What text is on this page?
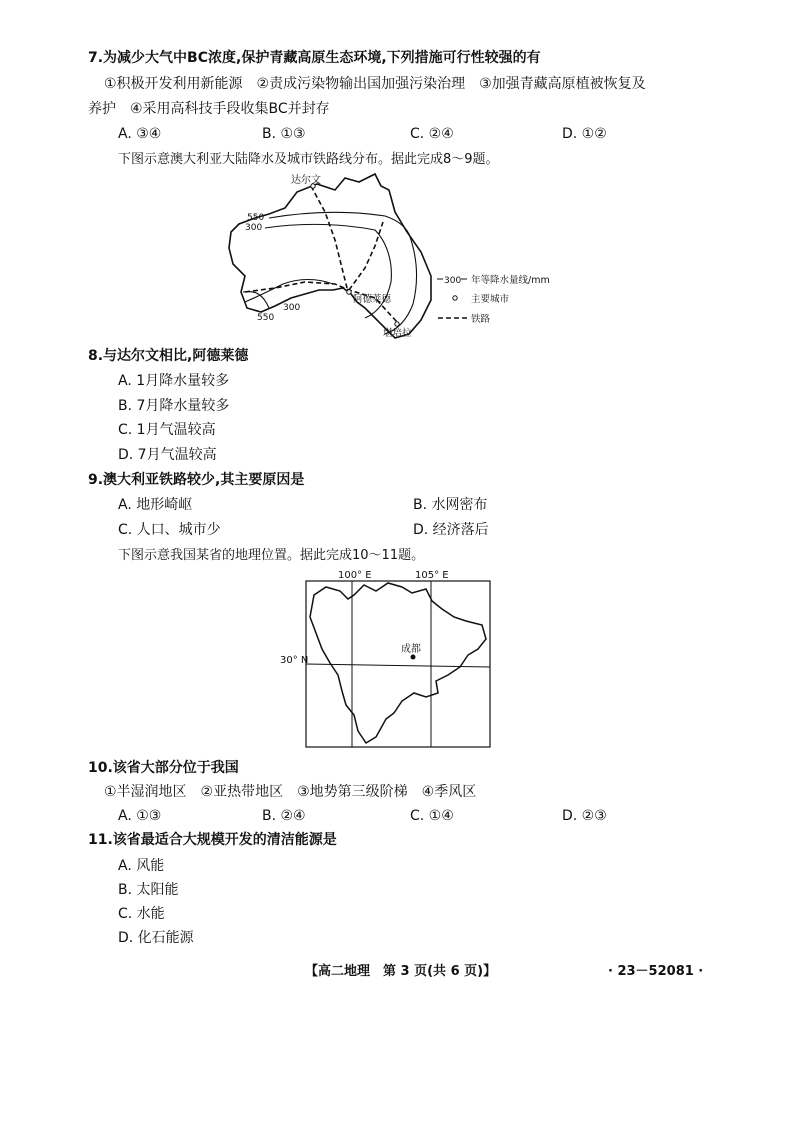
7.为减少大气中BC浓度,保护青藏高原生态环境,下列措施可行性较强的有
①积极开发利用新能源　②责成污染物输出国加强污染治理　③加强青藏高原植被恢复及
养护　④采用高科技手段收集BC并封存
A. ③④	B. ①③	C. ②④	D. ①②
下图示意澳大利亚大陆降水及城市铁路线分布。据此完成8～9题。
达尔文
阿德莱德
堪培拉
550
300
550
300
300 年等降水量线/mm
主要城市
铁路
8.与达尔文相比,阿德莱德
A. 1月降水量较多
B. 7月降水量较多
C. 1月气温较高
D. 7月气温较高
9.澳大利亚铁路较少,其主要原因是
A. 地形崎岖	B. 水网密布
C. 人口、城市少	D. 经济落后
下图示意我国某省的地理位置。据此完成10～11题。
100° E	105° E
30° N
成都
10.该省大部分位于我国
①半湿润地区　②亚热带地区　③地势第三级阶梯　④季风区
A. ①③	B. ②④	C. ①④	D. ②③
11.该省最适合大规模开发的清洁能源是
A. 风能
B. 太阳能
C. 水能
D. 化石能源
【高二地理　第 3 页(共 6 页)】	· 23－52081 ·
